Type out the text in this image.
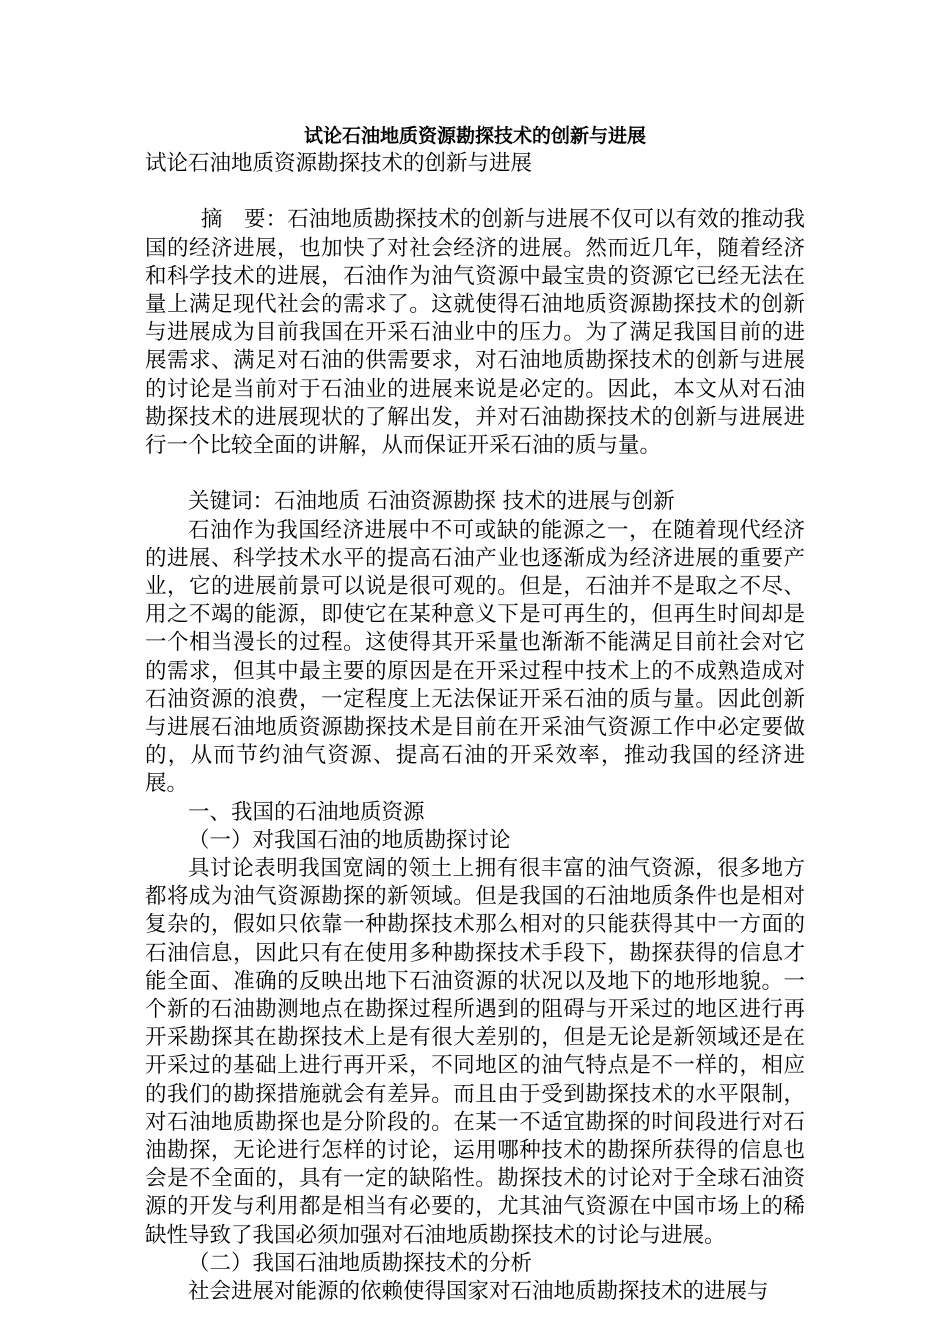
试论石油地质资源勘探技术的创新与进展

试论石油地质资源勘探技术的创新与进展

摘　要：石油地质勘探技术的创新与进展不仅可以有效的推动我国的经济进展，也加快了对社会经济的进展。然而近几年，随着经济和科学技术的进展，石油作为油气资源中最宝贵的资源它已经无法在量上满足现代社会的需求了。这就使得石油地质资源勘探技术的创新与进展成为目前我国在开采石油业中的压力。为了满足我国目前的进展需求、满足对石油的供需要求，对石油地质勘探技术的创新与进展的讨论是当前对于石油业的进展来说是必定的。因此，本文从对石油勘探技术的进展现状的了解出发，并对石油勘探技术的创新与进展进行一个比较全面的讲解，从而保证开采石油的质与量。

关键词：石油地质 石油资源勘探 技术的进展与创新

石油作为我国经济进展中不可或缺的能源之一，在随着现代经济的进展、科学技术水平的提高石油产业也逐渐成为经济进展的重要产业，它的进展前景可以说是很可观的。但是，石油并不是取之不尽、用之不竭的能源，即使它在某种意义下是可再生的，但再生时间却是一个相当漫长的过程。这使得其开采量也渐渐不能满足目前社会对它的需求，但其中最主要的原因是在开采过程中技术上的不成熟造成对石油资源的浪费，一定程度上无法保证开采石油的质与量。因此创新与进展石油地质资源勘探技术是目前在开采油气资源工作中必定要做的，从而节约油气资源、提高石油的开采效率，推动我国的经济进展。

一、我国的石油地质资源

（一）对我国石油的地质勘探讨论

具讨论表明我国宽阔的领土上拥有很丰富的油气资源，很多地方都将成为油气资源勘探的新领域。但是我国的石油地质条件也是相对复杂的，假如只依靠一种勘探技术那么相对的只能获得其中一方面的石油信息，因此只有在使用多种勘探技术手段下，勘探获得的信息才能全面、准确的反映出地下石油资源的状况以及地下的地形地貌。一个新的石油勘测地点在勘探过程所遇到的阻碍与开采过的地区进行再开采勘探其在勘探技术上是有很大差别的，但是无论是新领域还是在开采过的基础上进行再开采，不同地区的油气特点是不一样的，相应的我们的勘探措施就会有差异。而且由于受到勘探技术的水平限制，对石油地质勘探也是分阶段的。在某一不适宜勘探的时间段进行对石油勘探，无论进行怎样的讨论，运用哪种技术的勘探所获得的信息也会是不全面的，具有一定的缺陷性。勘探技术的讨论对于全球石油资源的开发与利用都是相当有必要的，尤其油气资源在中国市场上的稀缺性导致了我国必须加强对石油地质勘探技术的讨论与进展。

（二）我国石油地质勘探技术的分析

社会进展对能源的依赖使得国家对石油地质勘探技术的进展与
